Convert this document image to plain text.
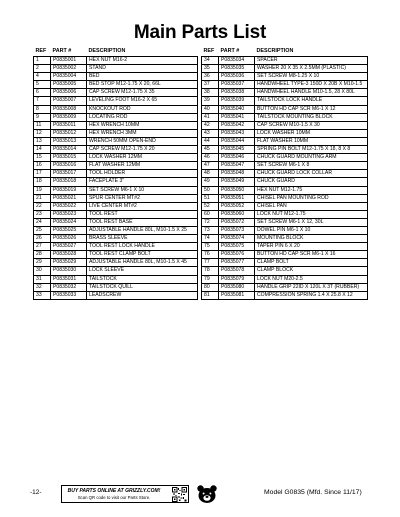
Main Parts List
REF	PART #	DESCRIPTION
1	P0835001	HEX NUT M16-2
2	P0835002	STAND
4	P0835004	BED
5	P0835005	BED STOP M12-1.75 X 20, 66L
6	P0835006	CAP SCREW M12-1.75 X 35
7	P0835007	LEVELING FOOT M16-2 X 65
8	P0835008	KNOCKOUT ROD
9	P0835009	LOCATING ROD
11	P0835011	HEX WRENCH 10MM
12	P0835012	HEX WRENCH 3MM
13	P0835013	WRENCH 50MM OPEN-END
14	P0835014	CAP SCREW M12-1.75 X 20
15	P0835015	LOCK WASHER 12MM
16	P0835016	FLAT WASHER 12MM
17	P0835017	TOOL HOLDER
18	P0835018	FACEPLATE 3"
19	P0835019	SET SCREW M6-1 X 10
21	P0835021	SPUR CENTER MT#2
22	P0835022	LIVE CENTER MT#2
23	P0835023	TOOL REST
24	P0835024	TOOL REST BASE
25	P0835025	ADJUSTABLE HANDLE 80L, M10-1.5 X 25
26	P0835026	BRASS SLEEVE
27	P0835027	TOOL REST LOCK HANDLE
28	P0835028	TOOL REST CLAMP BOLT
29	P0835029	ADJUSTABLE HANDLE 80L, M10-1.5 X 45
30	P0835030	LOCK SLEEVE
31	P0835031	TAILSTOCK
32	P0835032	TAILSTOCK QUILL
33	P0835033	LEADSCREW
REF	PART #	DESCRIPTION
34	P0835034	SPACER
35	P0835035	WASHER 20 X 35 X 2.5MM (PLASTIC)
36	P0835036	SET SCREW M8-1.25 X 10
37	P0835037	HANDWHEEL TYPE-3 150D X 20B X M10-1.5
38	P0835038	HANDWHEEL HANDLE M10-1.5, 28 X 80L
39	P0835039	TAILSTOCK LOCK HANDLE
40	P0835040	BUTTON HD CAP SCR M6-1 X 12
41	P0835041	TAILSTOCK MOUNTING BLOCK
42	P0835042	CAP SCREW M10-1.5 X 30
43	P0835043	LOCK WASHER 10MM
44	P0835044	FLAT WASHER 10MM
45	P0835045	SPRING PIN BOLT M12-1.75 X 18, 8 X 8
46	P0835046	CHUCK GUARD MOUNTING ARM
47	P0835047	SET SCREW M6-1 X 8
48	P0835048	CHUCK GUARD LOCK COLLAR
49	P0835049	CHUCK GUARD
50	P0835050	HEX NUT M12-1.75
51	P0835051	CHISEL PAN MOUNTING ROD
52	P0835052	CHISEL PAN
60	P0835060	LOCK NUT M12-1.75
72	P0835072	SET SCREW M6-1 X 12, 30L
73	P0835073	DOWEL PIN M6-1 X 10
74	P0835074	MOUNTING BLOCK
75	P0835075	TAPER PIN 6 X 20
76	P0835076	BUTTON HD CAP SCR M6-1 X 16
77	P0835077	CLAMP BOLT
78	P0835078	CLAMP BLOCK
79	P0835079	LOCK NUT M20-2.5
80	P0835080	HANDLE GRIP 22ID X 120L X 3T (RUBBER)
81	P0835081	COMPRESSION SPRING 1.4 X 25.8 X 12
-12-	BUY PARTS ONLINE AT GRIZZLY.COM!
Scan QR code to visit our Parts Store.
Model G0835 (Mfd. Since 11/17)
